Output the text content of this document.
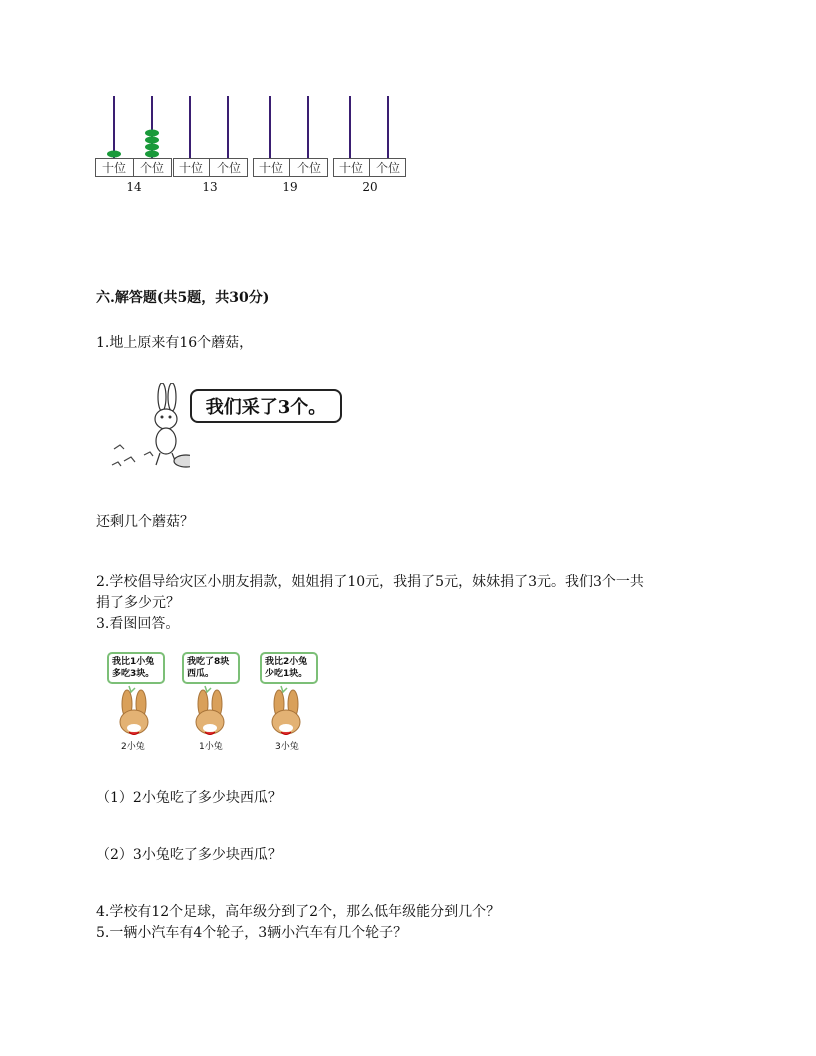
十位 个位 十位 个位 十位 个位 十位 个位
14	13	19	20
六.解答题(共5题，共30分)
1.地上原来有16个蘑菇，
我们采了3个。
还剩几个蘑菇？
2.学校倡导给灾区小朋友捐款，姐姐捐了10元，我捐了5元，妹妹捐了3元。我们3个一共
捐了多少元？
3.看图回答。
我比1小兔多吃3块。
我吃了8块西瓜。
我比2小兔少吃1块。
2小兔	1小兔	3小兔
（1）2小兔吃了多少块西瓜？
（2）3小兔吃了多少块西瓜？
4.学校有12个足球，高年级分到了2个，那么低年级能分到几个？
5.一辆小汽车有4个轮子，3辆小汽车有几个轮子？
